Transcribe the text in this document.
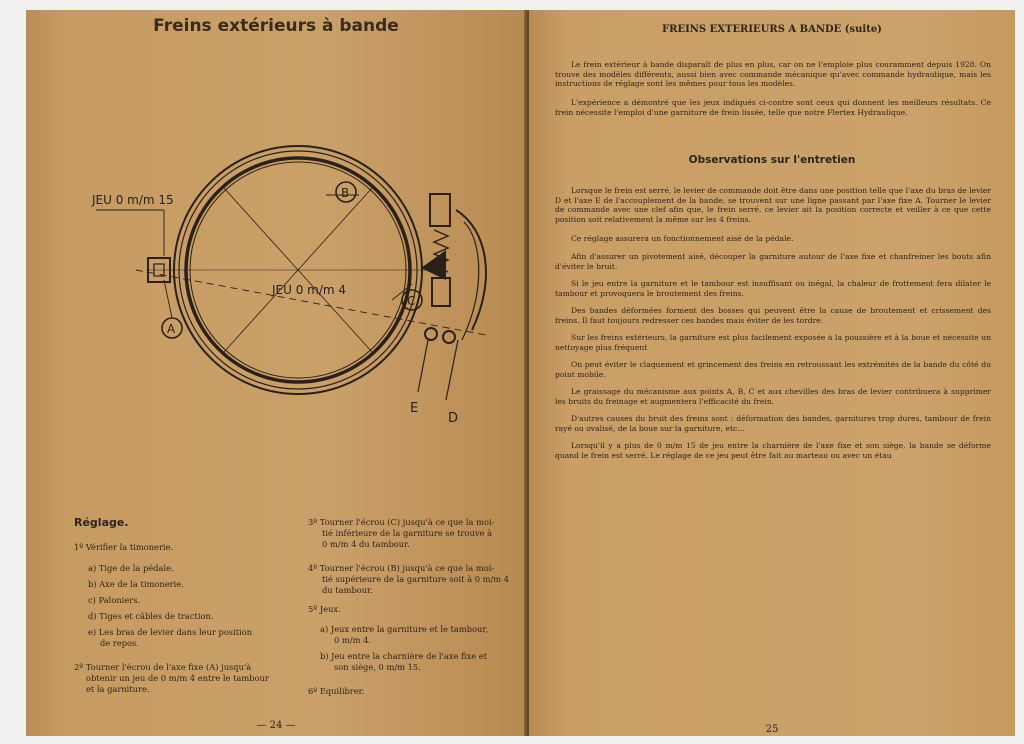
Freins extérieurs à bande

JEU 0 m/m 15
JEU 0 m/m 4
B
C
A
E
D

Réglage.

1º Vérifier la timonerie.

a) Tige de la pédale.

b) Axe de la timonerie.

c) Paloniers.

d) Tiges et câbles de traction.

e) Les bras de levier dans leur position

de repos.

2º Tourner l'écrou de l'axe fixe (A) jusqu'à

obtenir un jeu de 0 m/m 4 entre le tambour

et la garniture.

3º Tourner l'écrou (C) jusqu'à ce que la moi-

tié inférieure de la garniture se trouve à

0 m/m 4 du tambour.

4º Tourner l'écrou (B) jusqu'à ce que la moi-

tié supérieure de la garniture soit à 0 m/m 4

du tambour.

5º Jeux.

a) Jeux entre la garniture et le tambour,

0 m/m 4.

b) Jeu entre la charnière de l'axe fixe et

son siège, 0 m/m 15.

6º Equilibrer.

— 24 —

FREINS EXTERIEURS A BANDE (suite)

Le frein extérieur à bande disparaît de plus en plus, car on ne l'emploie plus couramment depuis 1928. On trouve des modèles différents, aussi bien avec commande mécanique qu'avec commande hydraulique, mais les instructions de réglage sont les mêmes pour tous les modèles.

L'expérience a démontré que les jeux indiqués ci-contre sont ceux qui donnent les meilleurs résultats. Ce frein nécessite l'emploi d'une garniture de frein lissée, telle que notre Flertex Hydraulique.

Observations sur l'entretien

Lorsque le frein est serré, le levier de commande doit être dans une position telle que l'axe du bras de levier D et l'axe E de l'accouplement de la bande, se trouvent sur une ligne passant par l'axe fixe A. Tourner le levier de commande avec une clef afin que, le frein serré, ce levier ait la position correcte et veiller à ce que cette position soit relativement la même sur les 4 freins.

Ce réglage assurera un fonctionnement aisé de la pédale.

Afin d'assurer un pivotement aisé, découper la garniture autour de l'axe fixe et chanfreiner les bouts afin d'éviter le bruit.

Si le jeu entre la garniture et le tambour est insuffisant ou inégal, la chaleur de frottement fera dilater le tambour et provoquera le broutement des freins.

Des bandes déformées forment des bosses qui peuvent être la cause de broutement et crissement des freins. Il faut toujours redresser ces bandes mais éviter de les tordre.

Sur les freins extérieurs, la garniture est plus facilement exposée à la poussière et à la boue et nécessite un nettoyage plus fréquent

On peut éviter le claquement et grincement des freins en retroussant les extrémités de la bande du côté du point mobile.

Le graissage du mécanisme aux points A, B, C et aux chevilles des bras de levier contribuera à supprimer les bruits du freinage et augmentera l'efficacité du frein.

D'autres causes du bruit des freins sont : déformation des bandes, garnitures trop dures, tambour de frein rayé ou ovalisé, de la boue sur la garniture, etc...

Lorsqu'il y a plus de 0 m/m 15 de jeu entre la charnière de l'axe fixe et son siège, la bande se déforme quand le frein est serré. Le réglage de ce jeu peut être fait au marteau ou avec un étau

25
